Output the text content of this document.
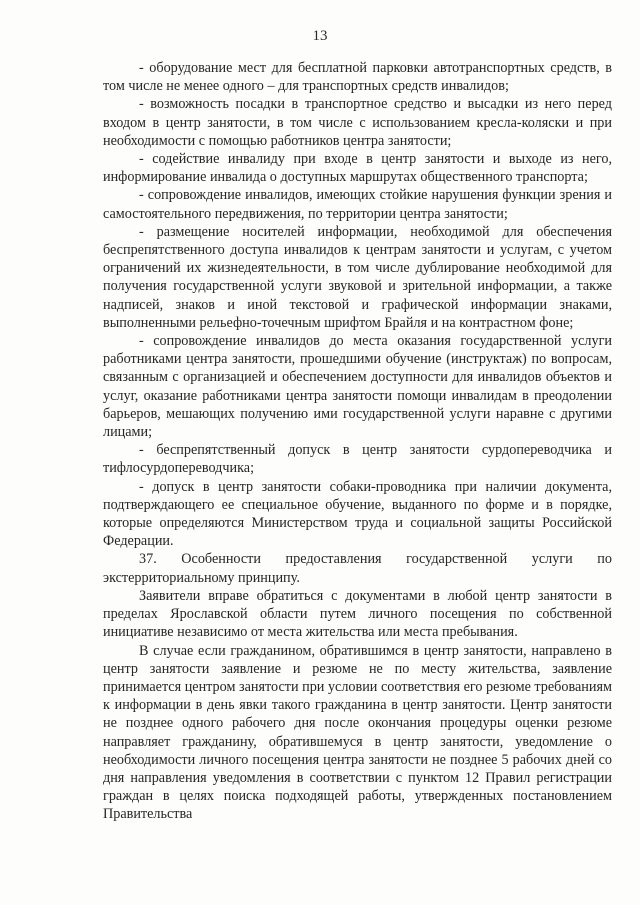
13

- оборудование мест для бесплатной парковки автотранспортных средств, в том числе не менее одного – для транспортных средств инвалидов;

- возможность посадки в транспортное средство и высадки из него перед входом в центр занятости, в том числе с использованием кресла-коляски и при необходимости с помощью работников центра занятости;

- содействие инвалиду при входе в центр занятости и выходе из него, информирование инвалида о доступных маршрутах общественного транспорта;

- сопровождение инвалидов, имеющих стойкие нарушения функции зрения и самостоятельного передвижения, по территории центра занятости;

- размещение носителей информации, необходимой для обеспечения беспрепятственного доступа инвалидов к центрам занятости и услугам, с учетом ограничений их жизнедеятельности, в том числе дублирование необходимой для получения государственной услуги звуковой и зрительной информации, а также надписей, знаков и иной текстовой и графической информации знаками, выполненными рельефно-точечным шрифтом Брайля и на контрастном фоне;

- сопровождение инвалидов до места оказания государственной услуги работниками центра занятости, прошедшими обучение (инструктаж) по вопросам, связанным с организацией и обеспечением доступности для инвалидов объектов и услуг, оказание работниками центра занятости помощи инвалидам в преодолении барьеров, мешающих получению ими государственной услуги наравне с другими лицами;

- беспрепятственный допуск в центр занятости сурдопереводчика и тифлосурдопереводчика;

- допуск в центр занятости собаки-проводника при наличии документа, подтверждающего ее специальное обучение, выданного по форме и в порядке, которые определяются Министерством труда и социальной защиты Российской Федерации.

37. Особенности предоставления государственной услуги по экстерриториальному принципу.

Заявители вправе обратиться с документами в любой центр занятости в пределах Ярославской области путем личного посещения по собственной инициативе независимо от места жительства или места пребывания.

В случае если гражданином, обратившимся в центр занятости, направлено в центр занятости заявление и резюме не по месту жительства, заявление принимается центром занятости при условии соответствия его резюме требованиям к информации в день явки такого гражданина в центр занятости. Центр занятости не позднее одного рабочего дня после окончания процедуры оценки резюме направляет гражданину, обратившемуся в центр занятости, уведомление о необходимости личного посещения центра занятости не позднее 5 рабочих дней со дня направления уведомления в соответствии с пунктом 12 Правил регистрации граждан в целях поиска подходящей работы, утвержденных постановлением Правительства
